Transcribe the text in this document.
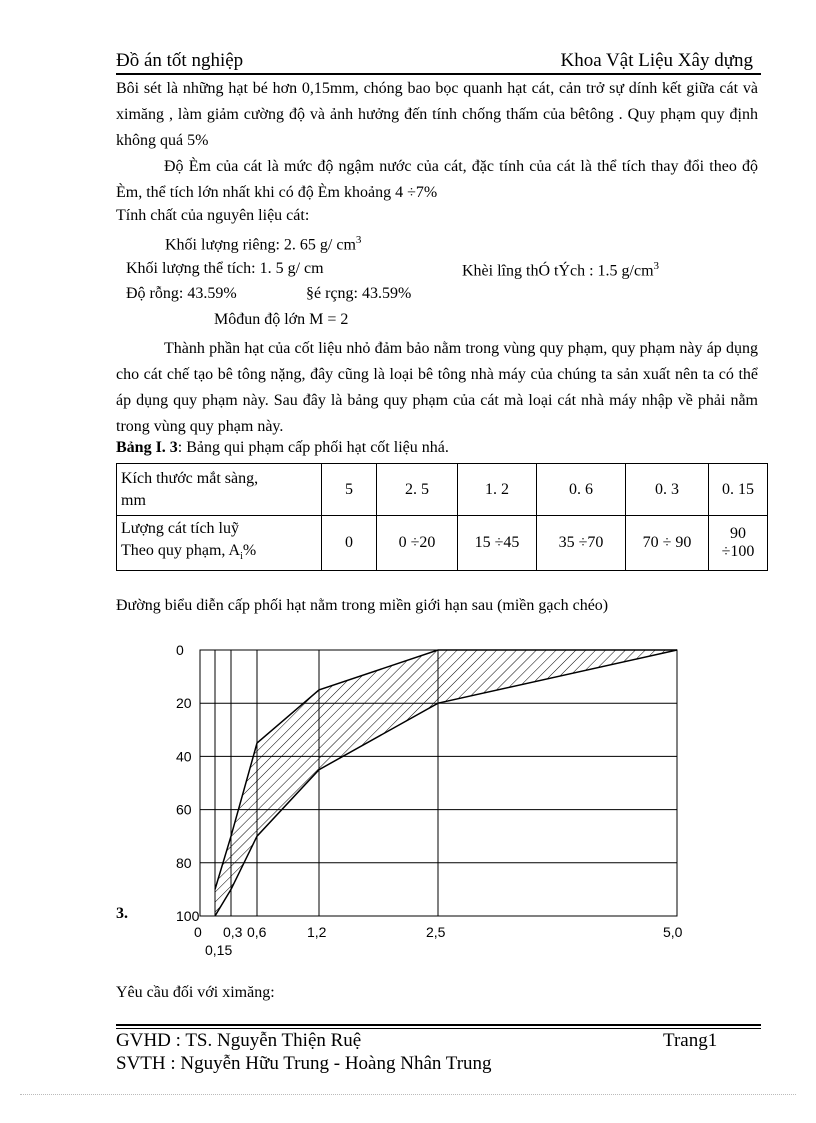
Đồ án tốt nghiệp	Khoa Vật Liệu Xây dựng
Bôi sét là những hạt bé hơn 0,15mm, chóng bao bọc quanh hạt cát, cản trở sự dính kết giữa cát và ximăng , làm giảm cường độ và ảnh hưởng đến tính chống thấm của bêtông . Quy phạm quy định không quá 5%
Độ Èm của cát là mức độ ngậm nước của cát, đặc tính của cát là thể tích thay đổi theo độ Èm, thể tích lớn nhất khi có độ Èm khoảng 4 ÷7%
Tính chất của nguyên liệu cát:
Khối lượng riêng: 2. 65 g/ $cm^3$
Khối lượng thể tích: 1. 5 g/ cm	Khèi lîng thÓ tÝch : 1.5 $g/cm^3$
Độ rỗng: 43.59%	§é rçng: 43.59%
Môđun độ lớn M = 2
Thành phần hạt của cốt liệu nhỏ đảm bảo nằm trong vùng quy phạm, quy phạm này áp dụng cho cát chế tạo bê tông nặng, đây cũng là loại bê tông nhà máy của chúng ta sản xuất nên ta có thể áp dụng quy phạm này. Sau đây là bảng quy phạm của cát mà loại cát nhà máy nhập về phải nằm trong vùng quy phạm này.
Bảng I. 3: Bảng qui phạm cấp phối hạt cốt liệu nhá.
Kích thước mắt sàng,
mm	5	2. 5	1. 2	0. 6	0. 3	0. 15
Lượng cát tích luỹ
Theo quy phạm, $A_i\%$	0	0 ÷20	15 ÷45	35 ÷70	70 ÷ 90	90 ÷100
Đường biểu diễn cấp phối hạt nằm trong miền giới hạn sau (miền gạch chéo)
0
20
40
60
80
100
0 0,3 0,6	1,2	2,5	5,0
0,15
3.
Yêu cầu đối với ximăng:
GVHD : TS. Nguyễn Thiện Ruệ	Trang1
SVTH : Nguyễn Hữu Trung - Hoàng Nhân Trung
